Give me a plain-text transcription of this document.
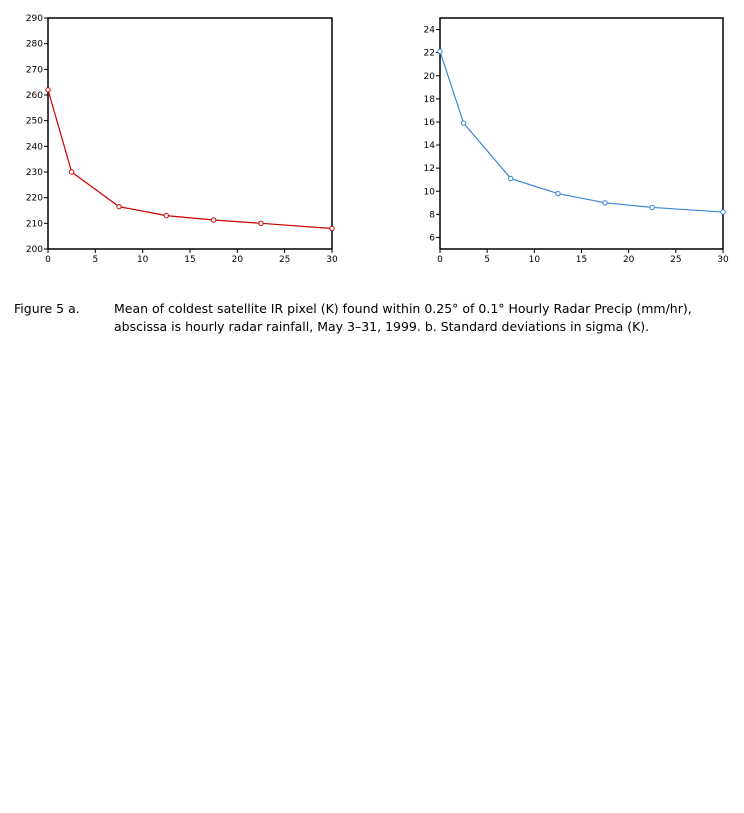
200
210
220
230
240
250
260
270
280
290
0	5	10	15	20	25	30
6
8
10
12
14
16
18
20
22
24
0	5	10	15	20	25	30
Figure 5 a.	Mean of coldest satellite IR pixel (K) found within 0.25° of 0.1° Hourly Radar Precip (mm/hr), abscissa is hourly radar rainfall, May 3–31, 1999. b. Standard deviations in sigma (K).
